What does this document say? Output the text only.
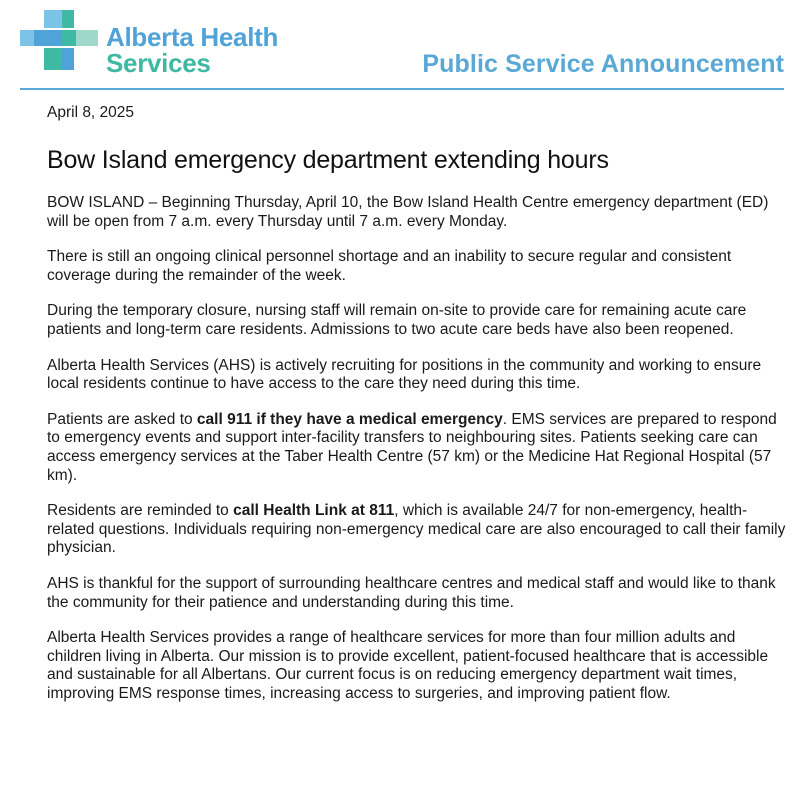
Alberta Health
Services	Public Service Announcement
April 8, 2025
Bow Island emergency department extending hours

BOW ISLAND – Beginning Thursday, April 10, the Bow Island Health Centre emergency department (ED) will be open from 7 a.m. every Thursday until 7 a.m. every Monday.

There is still an ongoing clinical personnel shortage and an inability to secure regular and consistent coverage during the remainder of the week.

During the temporary closure, nursing staff will remain on-site to provide care for remaining acute care patients and long-term care residents. Admissions to two acute care beds have also been reopened.

Alberta Health Services (AHS) is actively recruiting for positions in the community and working to ensure local residents continue to have access to the care they need during this time.

Patients are asked to call 911 if they have a medical emergency. EMS services are prepared to respond to emergency events and support inter-facility transfers to neighbouring sites. Patients seeking care can access emergency services at the Taber Health Centre (57 km) or the Medicine Hat Regional Hospital (57 km).

Residents are reminded to call Health Link at 811, which is available 24/7 for non-emergency, health-related questions. Individuals requiring non-emergency medical care are also encouraged to call their family physician.

AHS is thankful for the support of surrounding healthcare centres and medical staff and would like to thank the community for their patience and understanding during this time.

Alberta Health Services provides a range of healthcare services for more than four million adults and children living in Alberta. Our mission is to provide excellent, patient-focused healthcare that is accessible and sustainable for all Albertans. Our current focus is on reducing emergency department wait times, improving EMS response times, increasing access to surgeries, and improving patient flow.
